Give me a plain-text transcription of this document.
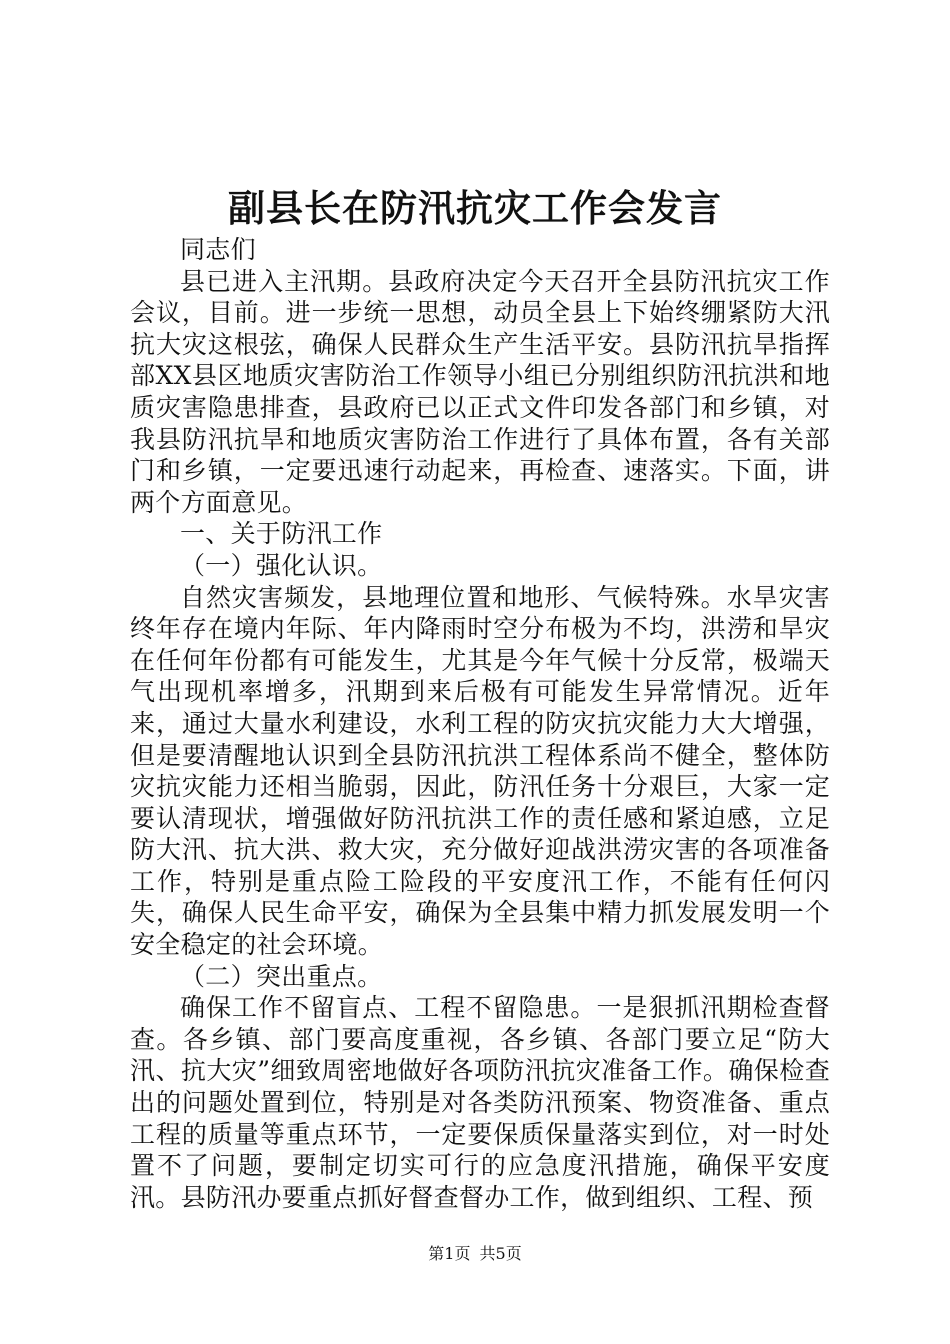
副县长在防汛抗灾工作会发言

同志们

县已进入主汛期。县政府决定今天召开全县防汛抗灾工作会议，目前。进一步统一思想，动员全县上下始终绷紧防大汛抗大灾这根弦，确保人民群众生产生活平安。县防汛抗旱指挥部XX县区地质灾害防治工作领导小组已分别组织防汛抗洪和地质灾害隐患排查，县政府已以正式文件印发各部门和乡镇，对我县防汛抗旱和地质灾害防治工作进行了具体布置，各有关部门和乡镇，一定要迅速行动起来，再检查、速落实。下面，讲两个方面意见。

一、关于防汛工作

（一）强化认识。

自然灾害频发，县地理位置和地形、气候特殊。水旱灾害终年存在境内年际、年内降雨时空分布极为不均，洪涝和旱灾在任何年份都有可能发生，尤其是今年气候十分反常，极端天气出现机率增多，汛期到来后极有可能发生异常情况。近年来，通过大量水利建设，水利工程的防灾抗灾能力大大增强，但是要清醒地认识到全县防汛抗洪工程体系尚不健全，整体防灾抗灾能力还相当脆弱，因此，防汛任务十分艰巨，大家一定要认清现状，增强做好防汛抗洪工作的责任感和紧迫感，立足防大汛、抗大洪、救大灾，充分做好迎战洪涝灾害的各项准备工作，特别是重点险工险段的平安度汛工作，不能有任何闪失，确保人民生命平安，确保为全县集中精力抓发展发明一个安全稳定的社会环境。

（二）突出重点。

确保工作不留盲点、工程不留隐患。一是狠抓汛期检查督查。各乡镇、部门要高度重视，各乡镇、各部门要立足“防大汛、抗大灾”细致周密地做好各项防汛抗灾准备工作。确保检查出的问题处置到位，特别是对各类防汛预案、物资准备、重点工程的质量等重点环节，一定要保质保量落实到位，对一时处置不了问题，要制定切实可行的应急度汛措施，确保平安度汛。县防汛办要重点抓好督查督办工作，做到组织、工程、预

第1页 共5页
